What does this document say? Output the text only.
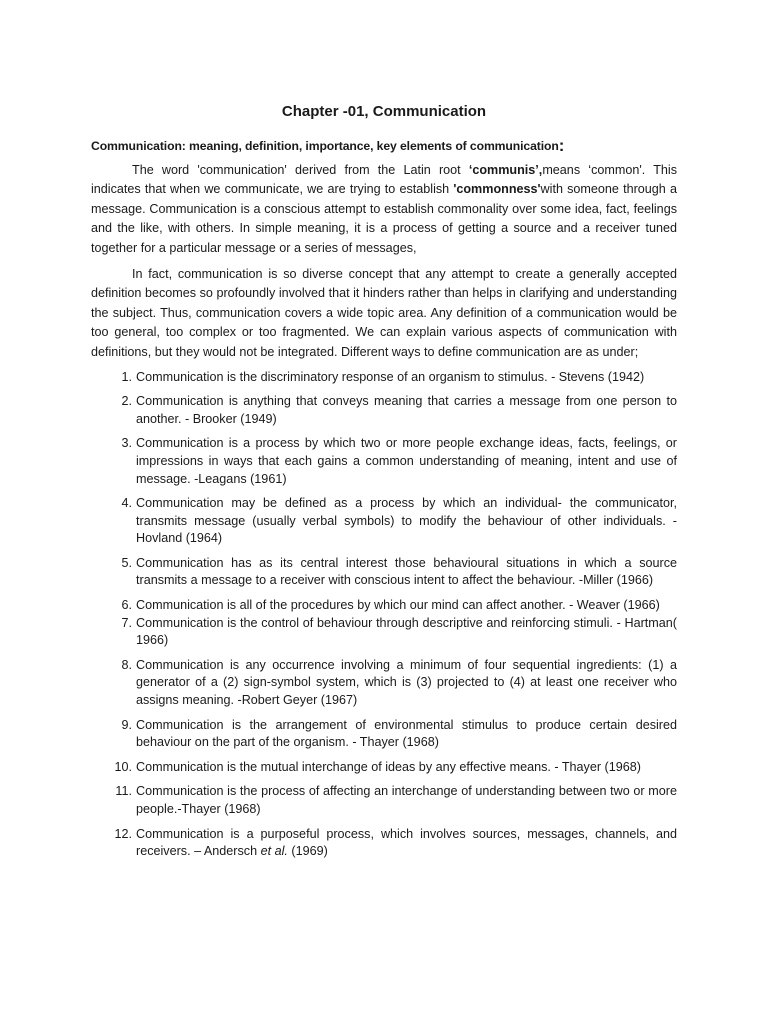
Chapter -01, Communication
Communication: meaning, definition, importance, key elements of communication:

The word 'communication' derived from the Latin root ‘communis’,means ‘common'. This indicates that when we communicate, we are trying to establish 'commonness'with someone through a message. Communication is a conscious attempt to establish commonality over some idea, fact, feelings and the like, with others. In simple meaning, it is a process of getting a source and a receiver tuned together for a particular message or a series of messages,

In fact, communication is so diverse concept that any attempt to create a generally accepted definition becomes so profoundly involved that it hinders rather than helps in clarifying and understanding the subject. Thus, communication covers a wide topic area. Any definition of a communication would be too general, too complex or too fragmented. We can explain various aspects of communication with definitions, but they would not be integrated. Different ways to define communication are as under;

1. Communication is the discriminatory response of an organism to stimulus. - Stevens (1942)
2. Communication is anything that conveys meaning that carries a message from one person to another. - Brooker (1949)
3. Communication is a process by which two or more people exchange ideas, facts, feelings, or impressions in ways that each gains a common understanding of meaning, intent and use of message. -Leagans (1961)
4. Communication may be defined as a process by which an individual- the communicator, transmits message (usually verbal symbols) to modify the behaviour of other individuals. - Hovland (1964)
5. Communication has as its central interest those behavioural situations in which a source transmits a message to a receiver with conscious intent to affect the behaviour. -Miller (1966)
6. Communication is all of the procedures by which our mind can affect another. - Weaver (1966)
7. Communication is the control of behaviour through descriptive and reinforcing stimuli. - Hartman( 1966)
8. Communication is any occurrence involving a minimum of four sequential ingredients: (1) a generator of a (2) sign-symbol system, which is (3) projected to (4) at least one receiver who assigns meaning. -Robert Geyer (1967)
9. Communication is the arrangement of environmental stimulus to produce certain desired behaviour on the part of the organism. - Thayer (1968)
10. Communication is the mutual interchange of ideas by any effective means. - Thayer (1968)
11. Communication is the process of affecting an interchange of understanding between two or more people.-Thayer (1968)
12. Communication is a purposeful process, which involves sources, messages, channels, and receivers. – Andersch et al. (1969)
